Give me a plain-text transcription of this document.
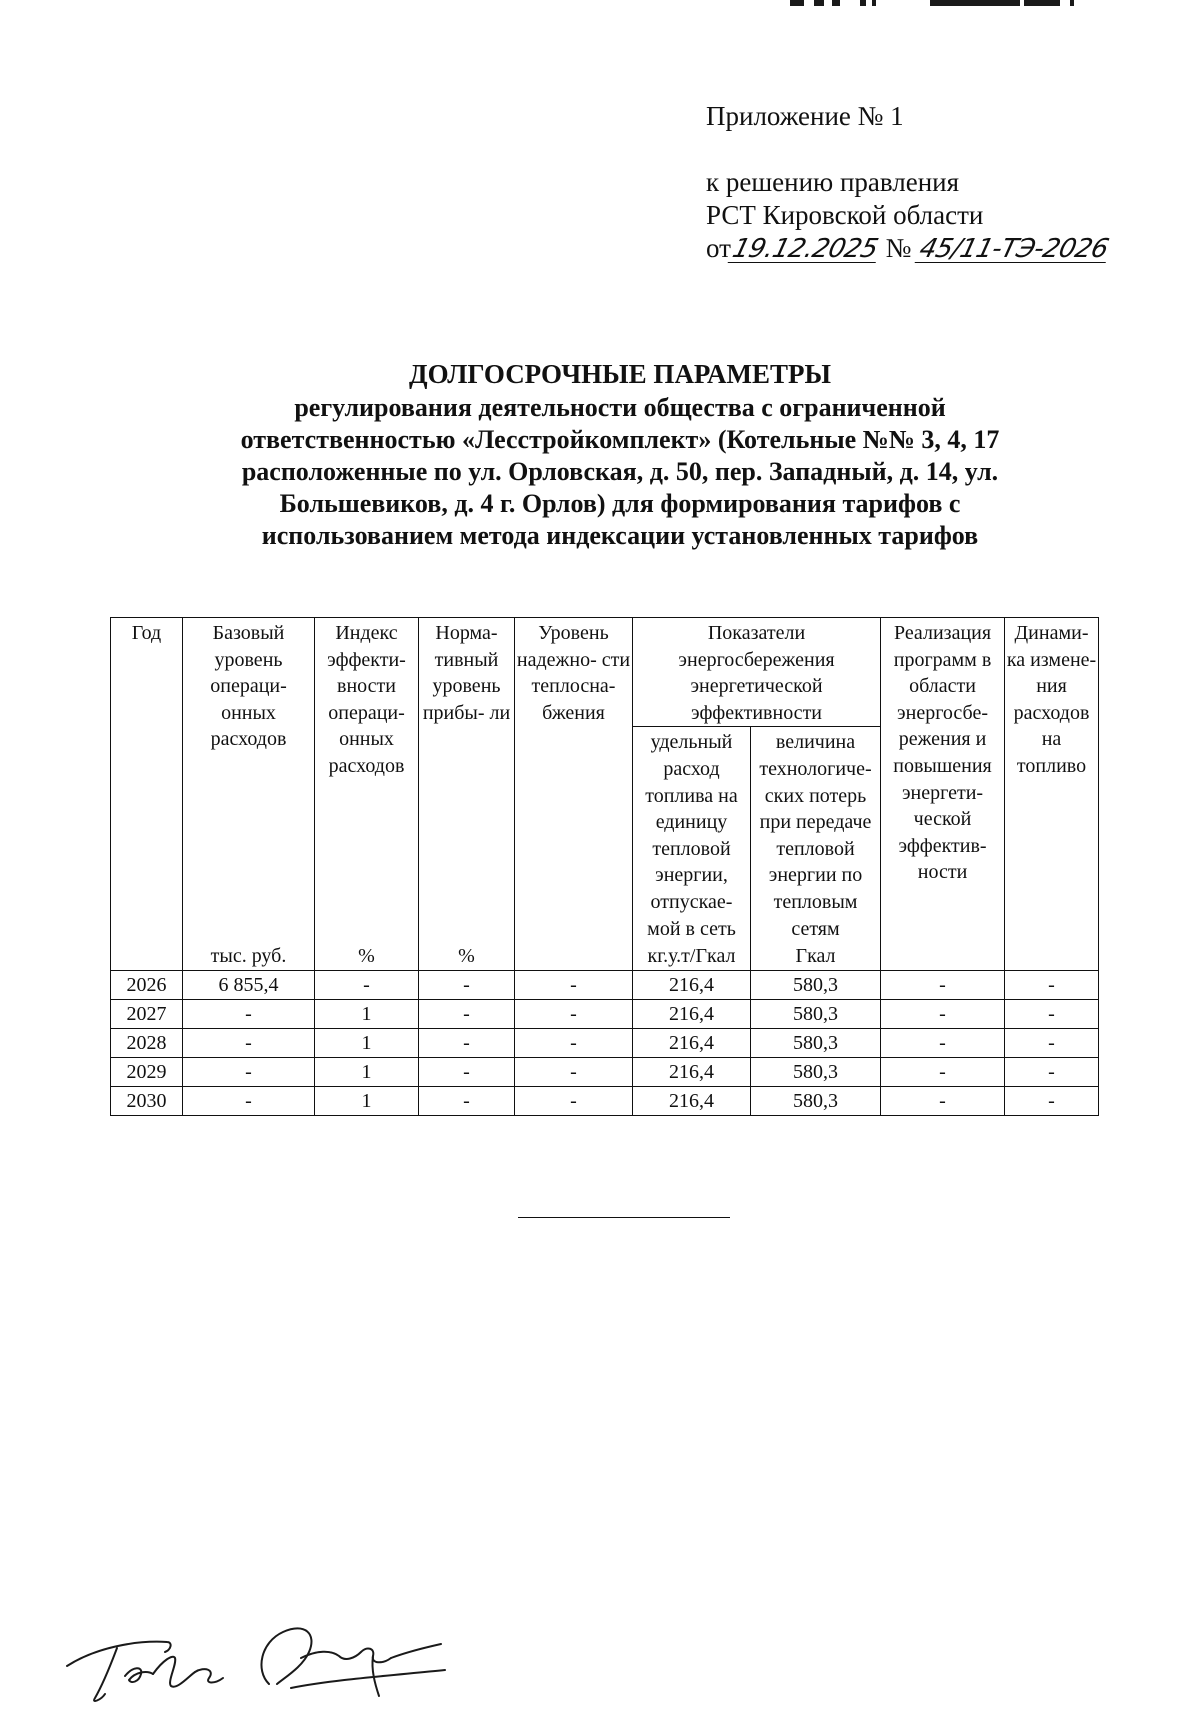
Приложение № 1
к решению правления
РСТ Кировской области
от19.12.2025 № 45/11-ТЭ-2026
ДОЛГОСРОЧНЫЕ ПАРАМЕТРЫ
регулирования деятельности общества с ограниченной
ответственностью «Лесстройкомплект» (Котельные №№ 3, 4, 17
расположенные по ул. Орловская, д. 50, пер. Западный, д. 14, ул.
Большевиков, д. 4 г. Орлов) для формирования тарифов с
использованием метода индексации установленных тарифов
Год	Базовый уровень операци- онных расходов	Индекс эффекти- вности операци- онных расходов	Норма- тивный уровень прибы- ли	Уровень надежно- сти теплосна- бжения	Показатели энергосбережения энергетической эффективности		Реализация программ в области энергосбе- режения и повышения энергети- ческой эффектив- ности	Динами- ка измене- ния расходов на топливо
					удельный расход топлива на единицу тепловой энергии, отпускае- мой в сеть	величина технологиче- ских потерь при передаче тепловой энергии по тепловым сетям		
	тыс. руб.	%	%		кг.у.т/Гкал	Гкал		
2026	6 855,4	-	-	-	216,4	580,3	-	-
2027	-	1	-	-	216,4	580,3	-	-
2028	-	1	-	-	216,4	580,3	-	-
2029	-	1	-	-	216,4	580,3	-	-
2030	-	1	-	-	216,4	580,3	-	-
